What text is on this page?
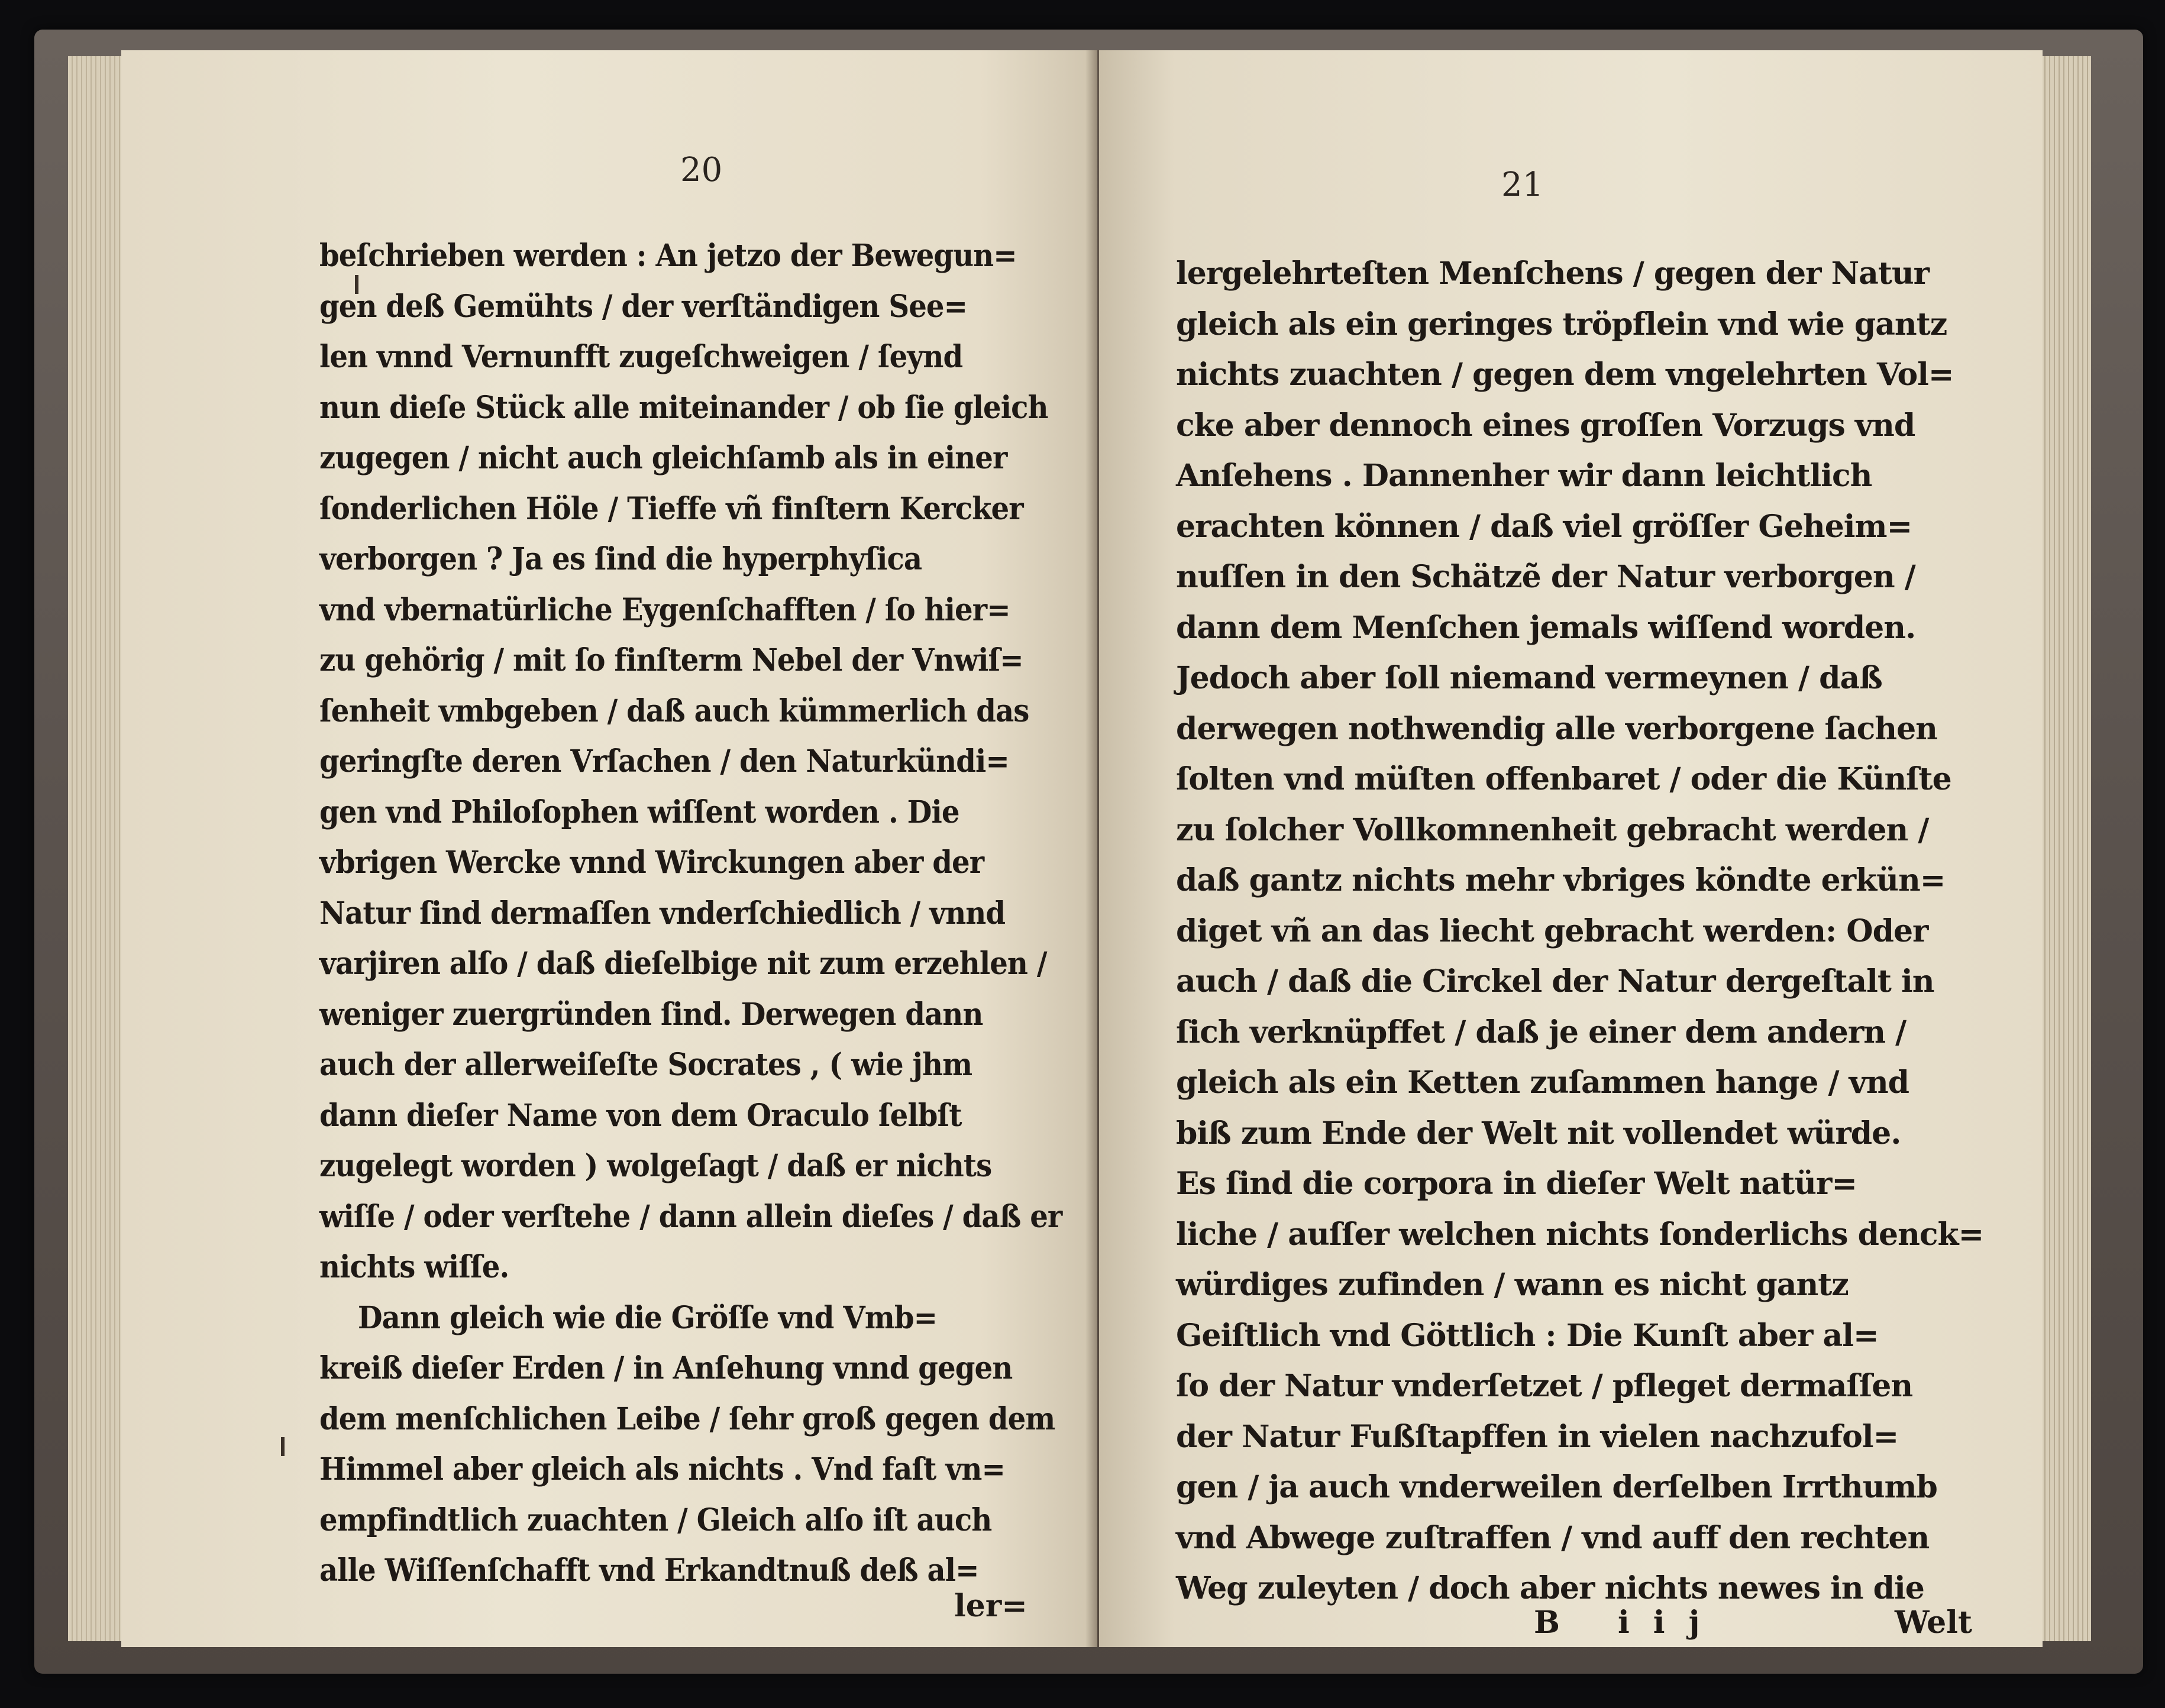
20
beſchrieben werden : An jetzo der Bewegun=
gen deß Gemühts / der verſtändigen See=
len vnnd Vernunfft zugeſchweigen / ſeynd
nun dieſe Stück alle miteinander / ob ſie gleich
zugegen / nicht auch gleichſamb als in einer
ſonderlichen Höle / Tieffe vñ finſtern Kercker
verborgen ? Ja es ſind die hyperphyſica
vnd vbernatürliche Eygenſchafften / ſo hier=
zu gehörig / mit ſo finſterm Nebel der Vnwiſ=
ſenheit vmbgeben / daß auch kümmerlich das
geringſte deren Vrſachen / den Naturkündi=
gen vnd Philoſophen wiſſent worden . Die
vbrigen Wercke vnnd Wirckungen aber der
Natur ſind dermaſſen vnderſchiedlich / vnnd
varjiren alſo / daß dieſelbige nit zum erzehlen /
weniger zuergründen ſind. Derwegen dann
auch der allerweiſeſte Socrates , ( wie jhm
dann dieſer Name von dem Oraculo ſelbſt
zugelegt worden ) wolgeſagt / daß er nichts
wiſſe / oder verſtehe / dann allein dieſes / daß er
nichts wiſſe.
Dann gleich wie die Gröſſe vnd Vmb=
kreiß dieſer Erden / in Anſehung vnnd gegen
dem menſchlichen Leibe / ſehr groß gegen dem
Himmel aber gleich als nichts . Vnd faſt vn=
empfindtlich zuachten / Gleich alſo iſt auch
alle Wiſſenſchafft vnd Erkandtnuß deß al=
ler=
21
lergelehrteſten Menſchens / gegen der Natur
gleich als ein geringes tröpflein vnd wie gantz
nichts zuachten / gegen dem vngelehrten Vol=
cke aber dennoch eines groſſen Vorzugs vnd
Anſehens . Dannenher wir dann leichtlich
erachten können / daß viel gröſſer Geheim=
nuſſen in den Schätzẽ der Natur verborgen /
dann dem Menſchen jemals wiſſend worden.
Jedoch aber ſoll niemand vermeynen / daß
derwegen nothwendig alle verborgene ſachen
ſolten vnd müſten offenbaret / oder die Künſte
zu ſolcher Vollkomnenheit gebracht werden /
daß gantz nichts mehr vbriges köndte erkün=
diget vñ an das liecht gebracht werden: Oder
auch / daß die Circkel der Natur dergeſtalt in
ſich verknüpffet / daß je einer dem andern /
gleich als ein Ketten zuſammen hange / vnd
biß zum Ende der Welt nit vollendet würde.
Es ſind die corpora in dieſer Welt natür=
liche / auſſer welchen nichts ſonderlichs denck=
würdiges zufinden / wann es nicht gantz
Geiſtlich vnd Göttlich : Die Kunſt aber al=
ſo der Natur vnderſetzet / pfleget dermaſſen
der Natur Fußſtapffen in vielen nachzufol=
gen / ja auch vnderweilen derſelben Irrthumb
vnd Abwege zuſtraffen / vnd auff den rechten
Weg zuleyten / doch aber nichts newes in die
B iij	Welt
